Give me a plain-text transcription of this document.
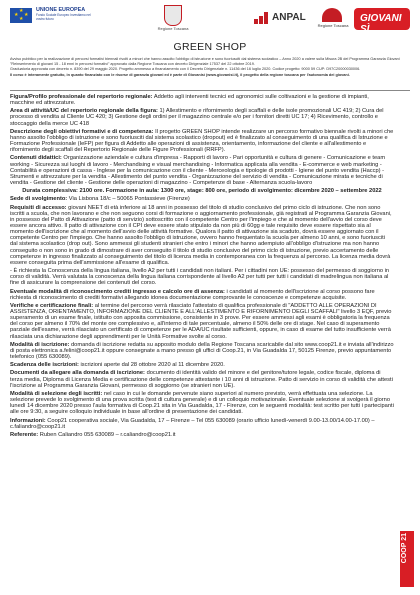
★
★ ★
★
UNIONE EUROPEA
Fondo Sociale Europeo Investiamo nel vostro futuro
Regione Toscana
ANPAL
Regione Toscana
GIOVANI SÌ
GREEN SHOP

Avviso pubblico per la realizzazione di percorsi formativi biennali rivolti a minori che hanno assolto l'obbligo di istruzione e sono fuoriusciti dal sistema scolastico – Anno 2020 a valere sulla Misura 2B del Programma Garanzia Giovani "Reinserimento di giovani 15 - 18 enni in percorsi formativi" approvato dalla Regione Toscana con decreto Dirigenziale 17537 del 22 ottobre 2019.

Graduatoria approvata con decreto n. 8390 del 29 maggio 2020. Progetto ammesso a finanziamento con il Decreto Dirigenziale n. 11436 del 16 luglio 2020. Codice progetto: 9000 59 CUP: D97C20000030006.

Il corso è interamente gratuito, in quanto finanziato con le risorse di garanzia giovani ed è parte di Giovanisì (www.giovanisi.it), il progetto della regione toscana per l'autonomia dei giovani.

Figura/Profilo professionale del repertorio regionale: Addetto agli interventi tecnici ed agronomici sulle coltivazioni e la gestione di impianti, macchine ed attrezzature.

Area di attività/UC del repertorio regionale della figura: 1) Allestimento e rifornimento degli scaffali e delle isole promozionali UC 419; 2) Cura del processo di vendita al Cliente UC 420; 3) Gestione degli ordini per il magazzino centrale e/o per i fornitori diretti UC 17; 4) Ricevimento, controllo e stoccaggio della merce UC 418

Descrizione degli obiettivi formativi e di competenza: Il progetto GREEN SHOP intende realizzare un percorso formativo biennale rivolti a minori che hanno assolto l'obbligo di istruzione e sono fuoriusciti dal sistema scolastico (dropout) ed è finalizzato al conseguimento di una qualifica di Istruzione e Formazione Professionale (IeFP) per figura di Addetto alle operazioni di assistenza, orientamento, informazione del cliente e all'allestimento e rifornimento degli scaffali del Repertorio Regionale delle Figure Professionali (RRFP).

Contenuti didattici: Organizzazione aziendale e cultura d'impresa - Rapporti di lavoro - Pari opportunità e cultura di genere - Comunicazione e team working - Sicurezza sui luoghi di lavoro - Merchandising e visual merchandising - Informatica applicata alla vendita - E-commerce e web marketing - Contabilità e operazioni di cassa - Inglese per la comunicazione con il cliente - Merceologia e tipologie di prodotti - Igiene del punto vendita (Haccp) - Strumenti e attrezzature per la vendita - Allestimento del punto vendita - Organizzazione del servizio di vendita - Comunicazione mirata e tecniche di vendita - Gestione del cliente - Gestione delle operazioni di magazzino - Competenze di base - Alternanza scuola-lavoro

Durata complessiva: 2100 ore. Formazione in aula: 1300 ore, stage: 800 ore, periodo di svolgimento: dicembre 2020 – settembre 2022

Sede di svolgimento: Via Lisbona 18/c – 50065 Pontassieve (Firenze)

Requisiti di accesso: giovani NEET di età inferiore ai 18 anni in possesso del titolo di studio conclusivo del primo ciclo di istruzione. Che non sono iscritti a scuola, che non lavorano e che non seguono corsi di formazione o aggiornamento professionale, già registrati al Programma Garanzia Giovani, in possesso del Patto di Attivazione (patto di servizio) sottoscritto con il competente Centro per l'impiego e che al momento dell'avvio del corso deve essere ancora attivo. Il patto di attivazione con il CPI deve essere stato stipulato da non più di 60gg e tale requisito deve essere rispettato sia al momento dell'iscrizione che al momento dell'avvio delle attività formative. Qualora il patto di attivazione sia scaduto, dovrà essere aggiornato con il competente Centro per l'impiego. Che hanno assolto l'obbligo di istruzione, ovvero hanno frequentato la scuola per almeno 10 anni, e sono fuoriusciti dal sistema scolastico (drop out). Sono ammessi gli studenti stranieri che entro i minori che hanno adempiuto all'obbligo d'istruzione ma non hanno conseguito o non sono in grado di dimostrare di aver conseguito il titolo di studio conclusivo del primo ciclo di istruzione, previo accertamento delle competenze in ingresso finalizzato al conseguimento del titolo di licenza media in contemporanea con la frequenza al percorso. La licenza media dovrà essere conseguita prima dell'ammissione all'esame di qualifica.

- È richiesta la Conoscenza della lingua italiana, livello A2 per tutti i candidati non italiani. Per i cittadini non UE: possesso del permesso di soggiorno in corso di validità. Verrà valutata la conoscenza della lingua italiana corrispondente al livello A2 per tutti per tutti i candidati di madrelingua non italiana al fine di assicurare la comprensione dei contenuti del corso.

Eventuale modalità di riconoscimento crediti ingresso e calcolo ore di assenza: i candidati al momento dell'iscrizione al corso possono fare richiesta di riconoscimento di crediti formativi allegando idonea documentazione comprovante le conoscenze e competenze acquisite.

Verifiche e certificazione finali: al termine del percorso verrà rilasciato l'attestato di qualifica professionale di "ADDETTO ALLE OPERAZIONI DI ASSISTENZA, ORIENTAMENTO, INFORMAZIONE DEL CLIENTE E ALL'ALLESTIMENTO E RIFORNIMENTO DEGLI SCAFFALI" livello 3 EQF, previo superamento di un esame finale, istituito con apposita commissione, consistente in 3 prove. Per essere ammessi agli esami è obbligatoria la frequenza del corso per almeno il 70% del monte ore complessivo e, all'interno di tale percentuale, almeno il 50% delle ore di stage. Nel caso di superamento parziale dell'esame, verrà rilasciato un certificato di competenze per le ADA/UC risultate sufficienti, oppure, in caso di esame del tutto insufficiente verrà rilasciata una dichiarazione degli apprendimenti per le Unità Formative svolte al corso.

Modalità di iscrizione: domanda di iscrizione redatta su apposito modulo della Regione Toscana scaricabile dal sito www.coop21.it e inviata all'indirizzo di posta elettronica a.felini@coop21.it oppure consegnate a mano presso gli uffici di Coop.21, in Via Guadalda 17, 50125 Firenze, previo appuntamento telefonico (055 630089).

Scadenza delle iscrizioni: iscrizioni aperte dal 28 ottobre 2020 al 11 dicembre 2020.

Documenti da allegare alla domanda di iscrizione: documento di identità valido del minore e del genitore/tutore legale, codice fiscale, diploma di terza media, Diploma di Licenza Media e certificazione delle competenze attestante i 10 anni di istruzione. Patto di servizio in corso di validità che attesti l'iscrizione al Programma Garanzia Giovani, permesso di soggiorno (se stranieri non UE).

Modalità di selezione degli iscritti: nel caso in cui le domande pervenute siano superiori al numero previsto, verrà effettuata una selezione. La selezione prevede lo svolgimento di una prova scritta (test di cultura generale) e di un colloquio motivazionale. Eventuale selezione si svolgerà il giorno lunedì 14 dicembre 2020 presso l'aula formativa di Coop.21 sita in Via Guadalda, 17 - Firenze, con le seguenti modalità: test scritto per tutti i partecipanti alle ore 9:30, a seguire colloquio individuale in base all'ordine di presentazione dei candidati.

Informazioni: Coop21 cooperativa sociale, Via Guadalda, 17 – Firenze – Tel 055 630089 (orario ufficio lunedì-venerdì 9.00-13.00/14.00-17.00) – c.faliandro@coop21.it

Referente: Ruben Caliandro 055 630089 – r.caliandro@coop21.it

COOP 21
